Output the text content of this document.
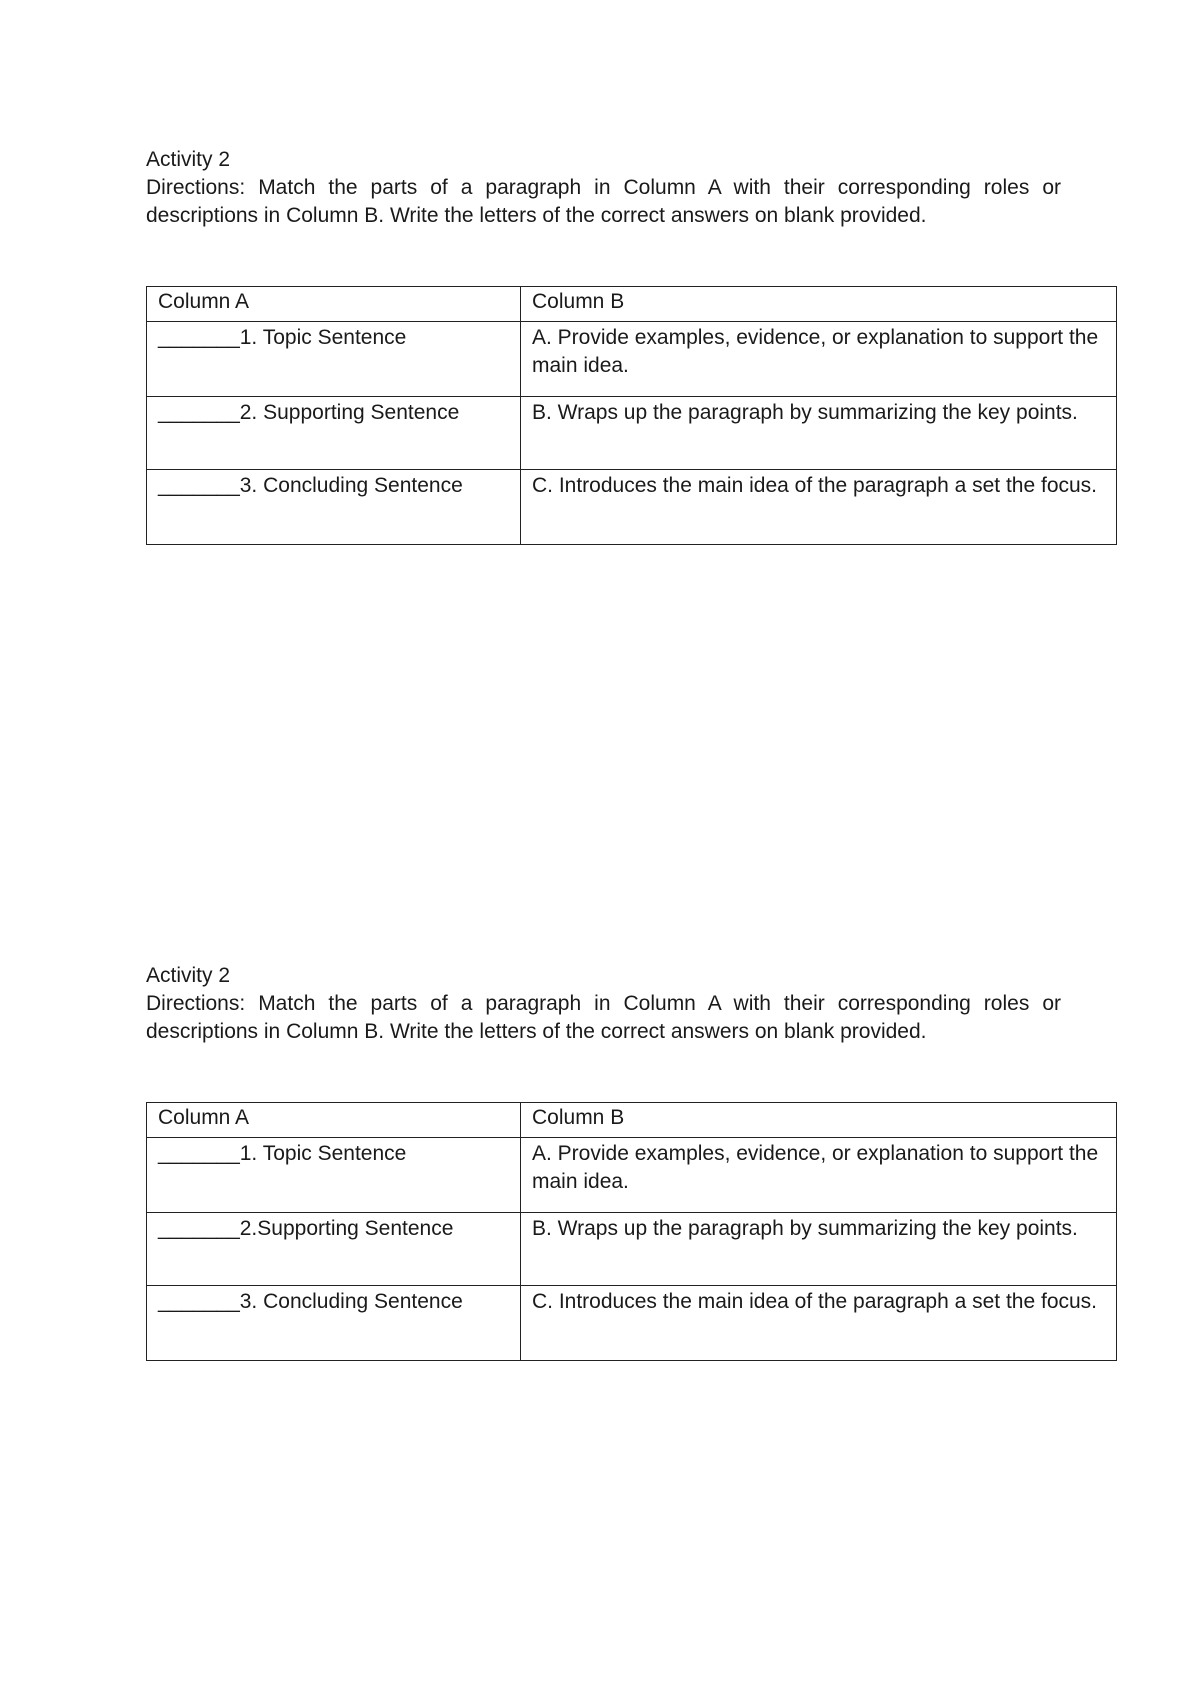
Activity 2

Directions: Match the parts of a paragraph in Column A with their corresponding roles or descriptions in Column B. Write the letters of the correct answers on blank provided.

Column A	Column B
_______1. Topic Sentence	A. Provide examples, evidence, or explanation to support the main idea.
_______2. Supporting Sentence	B. Wraps up the paragraph by summarizing the key points.
_______3. Concluding Sentence	C. Introduces the main idea of the paragraph a set the focus.

Activity 2

Directions: Match the parts of a paragraph in Column A with their corresponding roles or descriptions in Column B. Write the letters of the correct answers on blank provided.

Column A	Column B
_______1. Topic Sentence	A. Provide examples, evidence, or explanation to support the main idea.
_______2.Supporting Sentence	B. Wraps up the paragraph by summarizing the key points.
_______3. Concluding Sentence	C. Introduces the main idea of the paragraph a set the focus.
